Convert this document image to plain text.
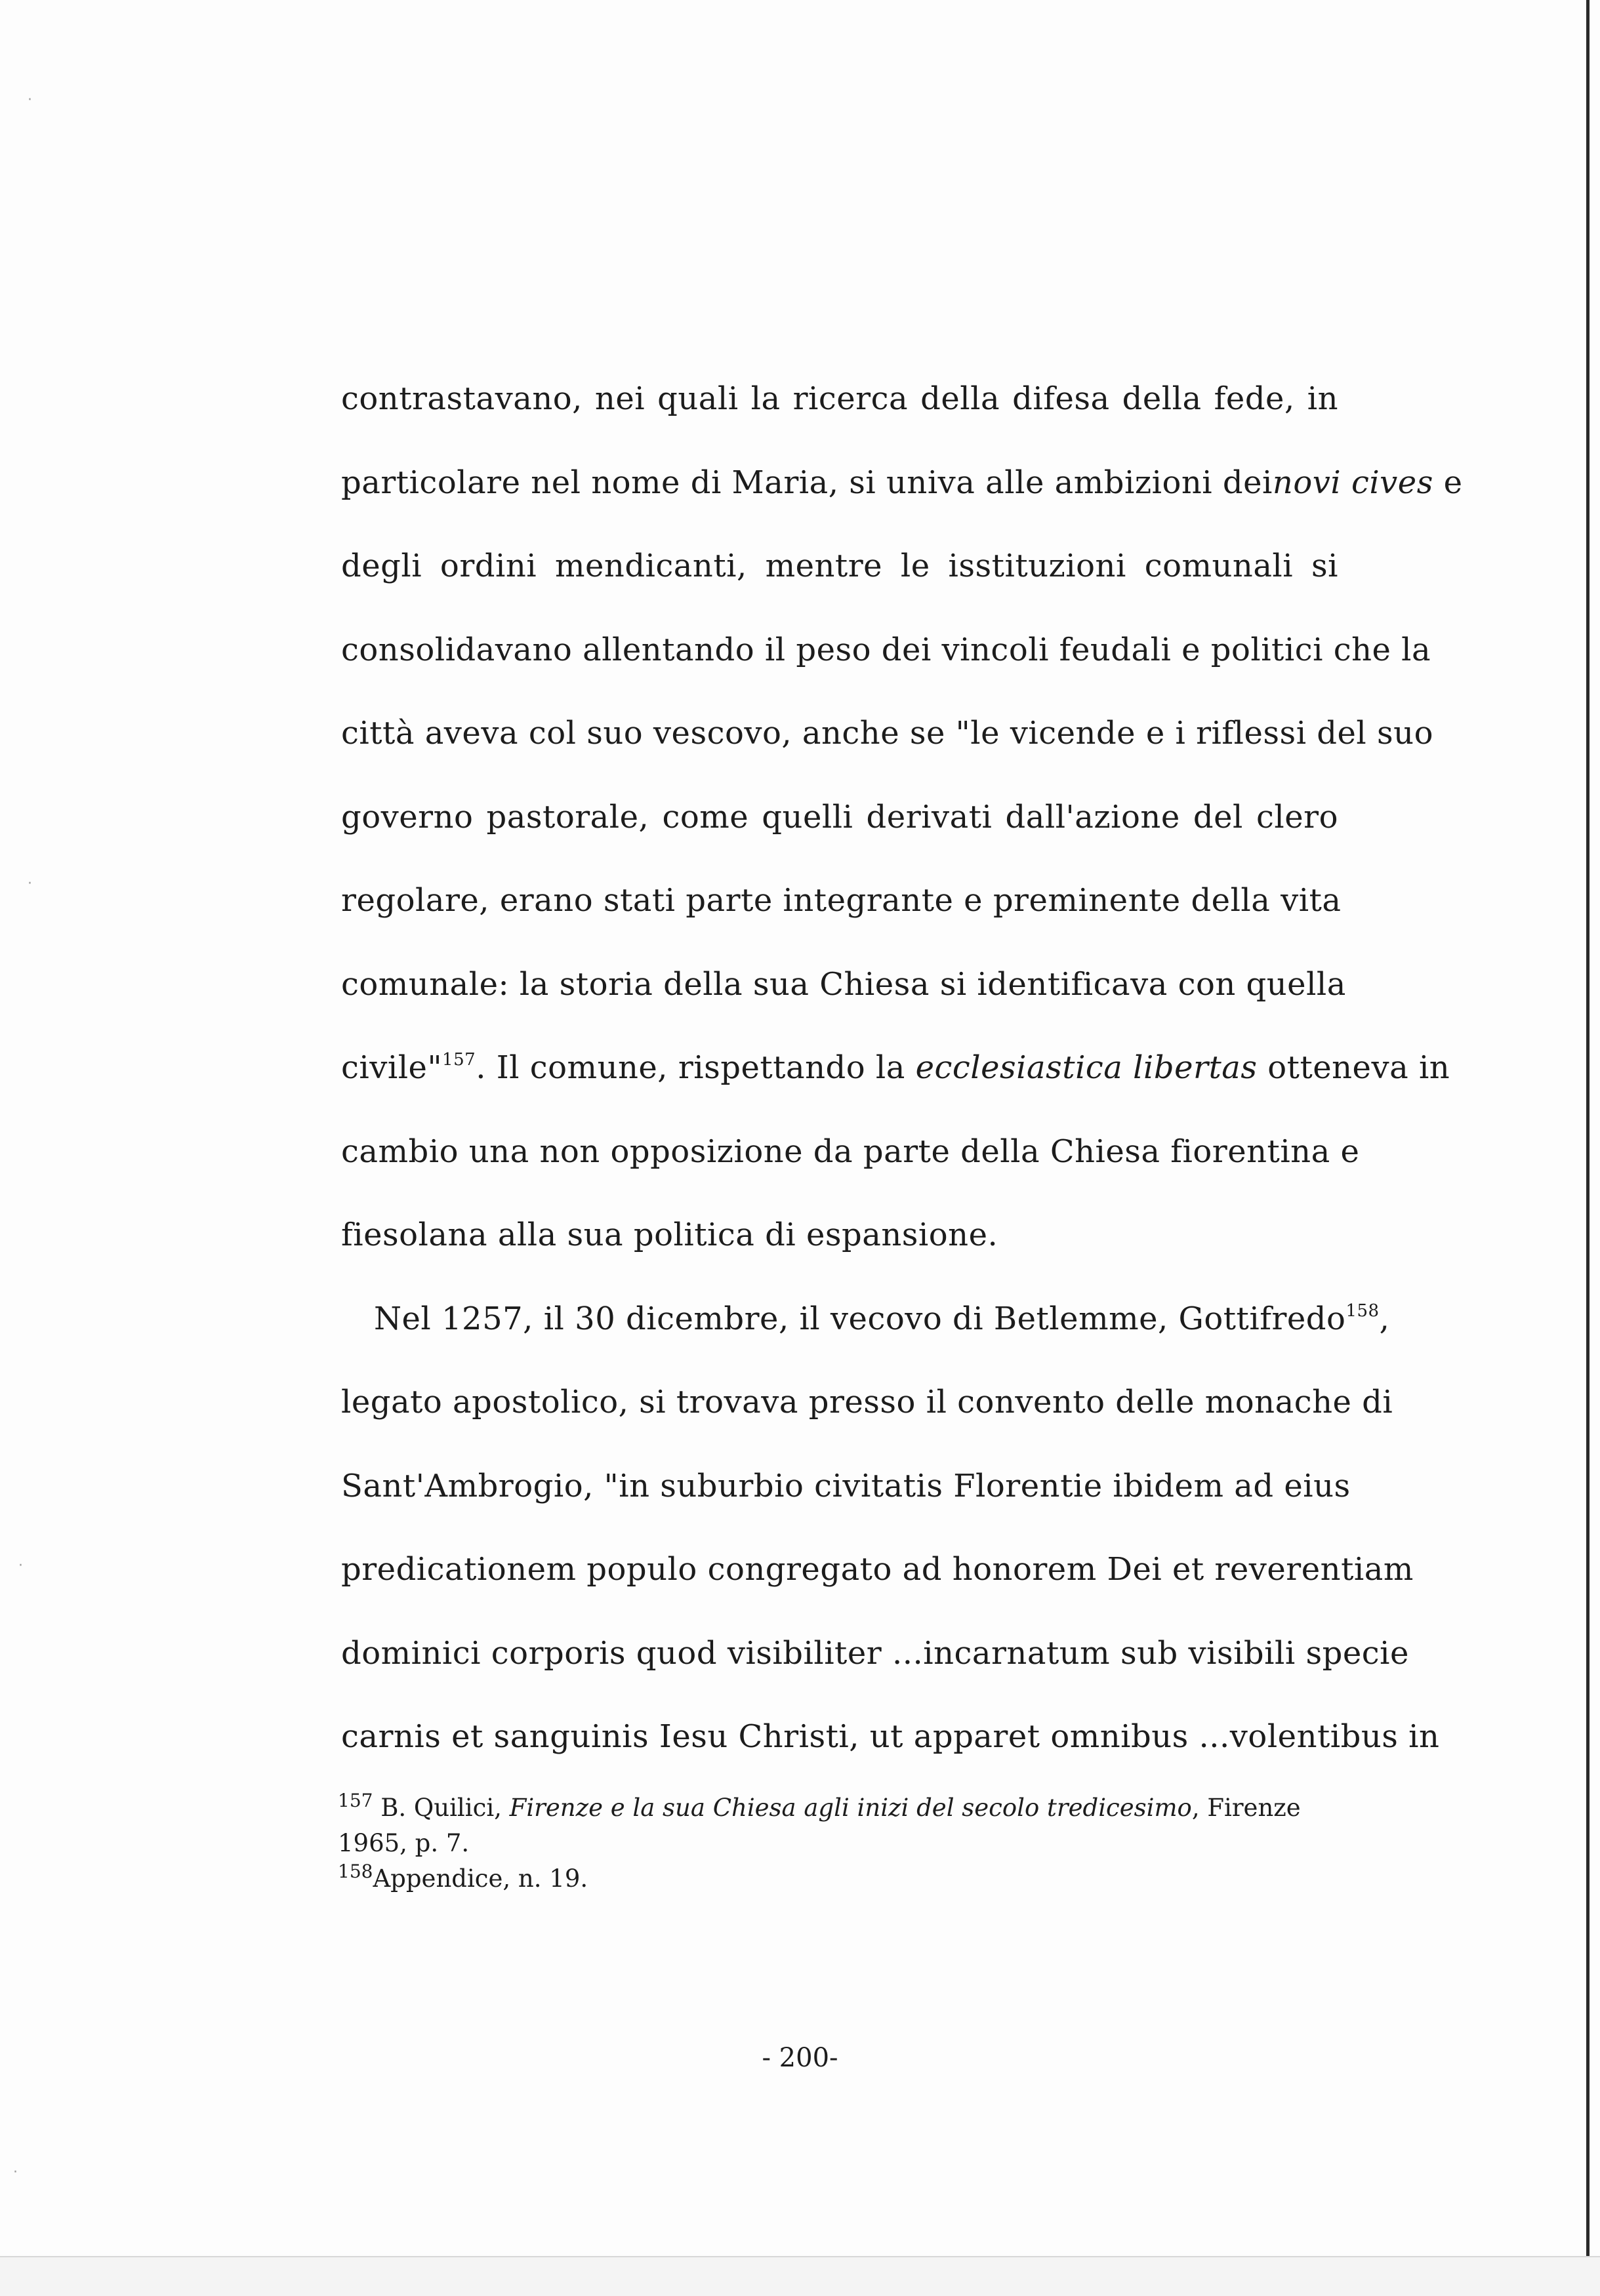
·
·
·
·
contrastavano, nei quali la ricerca della difesa della fede, in
particolare nel nome di Maria, si univa alle ambizioni deinovi cives e
degli ordini mendicanti, mentre le isstituzioni comunali si
consolidavano allentando il peso dei vincoli feudali e politici che la
città aveva col suo vescovo, anche se "le vicende e i riflessi del suo
governo pastorale, come quelli derivati dall'azione del clero
regolare, erano stati parte integrante e preminente della vita
comunale: la storia della sua Chiesa si identificava con quella
civile"$^{157}$. Il comune, rispettando la ecclesiastica libertas otteneva in
cambio una non opposizione da parte della Chiesa fiorentina e
fiesolana alla sua politica di espansione.
Nel 1257, il 30 dicembre, il vecovo di Betlemme, Gottifredo$^{158}$,
legato apostolico, si trovava presso il convento delle monache di
Sant'Ambrogio, "in suburbio civitatis Florentie ibidem ad eius
predicationem populo congregato ad honorem Dei et reverentiam
dominici corporis quod visibiliter ...incarnatum sub visibili specie
carnis et sanguinis Iesu Christi, ut apparet omnibus ...volentibus in
$^{157}$ B. Quilici, Firenze e la sua Chiesa agli inizi del secolo tredicesimo, Firenze 1965, p. 7.
$^{158}$Appendice, n. 19.
- 200-
